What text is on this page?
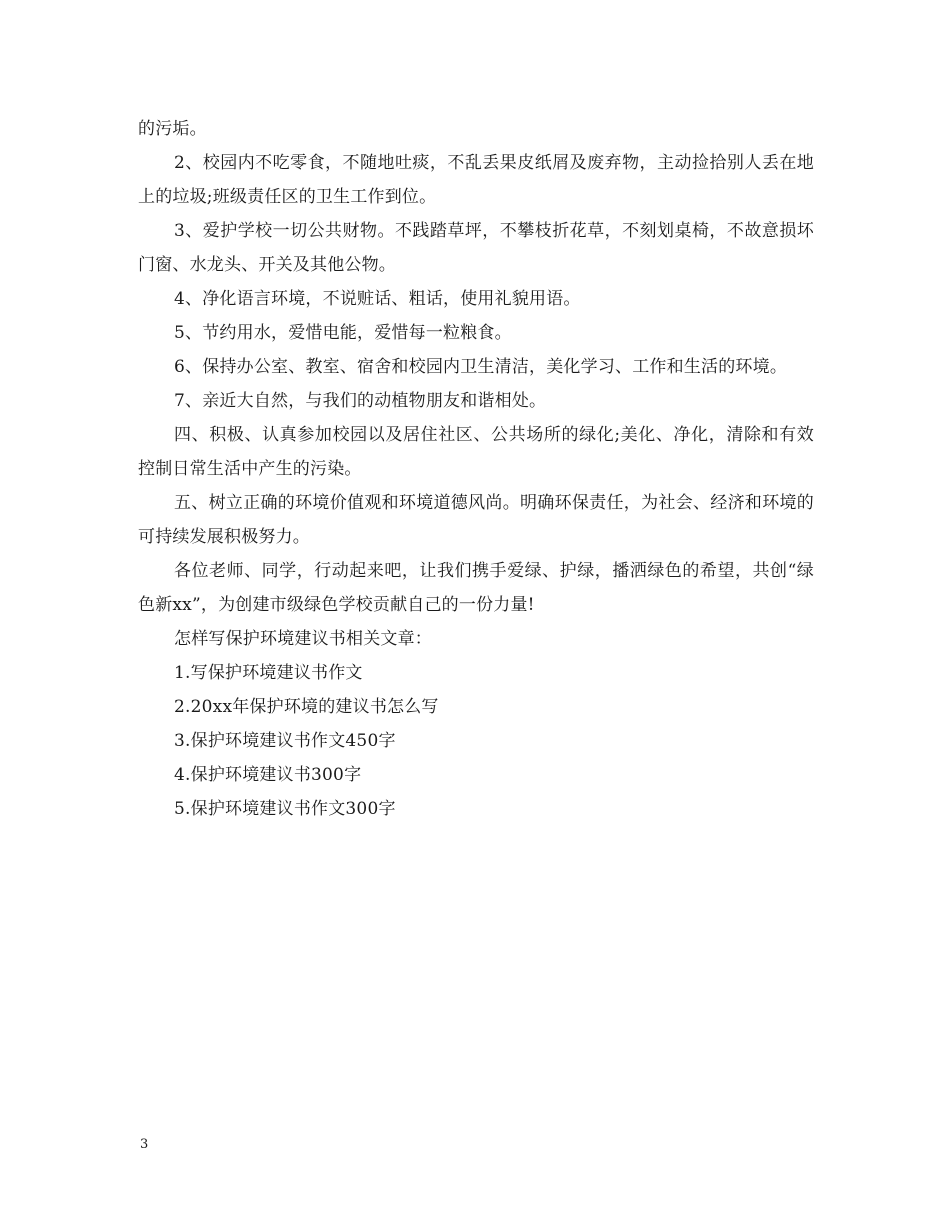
的污垢。

2、校园内不吃零食，不随地吐痰，不乱丢果皮纸屑及废弃物，主动捡拾别人丢在地上的垃圾;班级责任区的卫生工作到位。

3、爱护学校一切公共财物。不践踏草坪，不攀枝折花草，不刻划桌椅，不故意损坏门窗、水龙头、开关及其他公物。

4、净化语言环境，不说赃话、粗话，使用礼貌用语。

5、节约用水，爱惜电能，爱惜每一粒粮食。

6、保持办公室、教室、宿舍和校园内卫生清洁，美化学习、工作和生活的环境。

7、亲近大自然，与我们的动植物朋友和谐相处。

四、积极、认真参加校园以及居住社区、公共场所的绿化;美化、净化，清除和有效控制日常生活中产生的污染。

五、树立正确的环境价值观和环境道德风尚。明确环保责任，为社会、经济和环境的可持续发展积极努力。

各位老师、同学，行动起来吧，让我们携手爱绿、护绿，播洒绿色的希望，共创“绿色新xx”，为创建市级绿色学校贡献自己的一份力量!

怎样写保护环境建议书相关文章：

1.写保护环境建议书作文

2.20xx年保护环境的建议书怎么写

3.保护环境建议书作文450字

4.保护环境建议书300字

5.保护环境建议书作文300字

3
